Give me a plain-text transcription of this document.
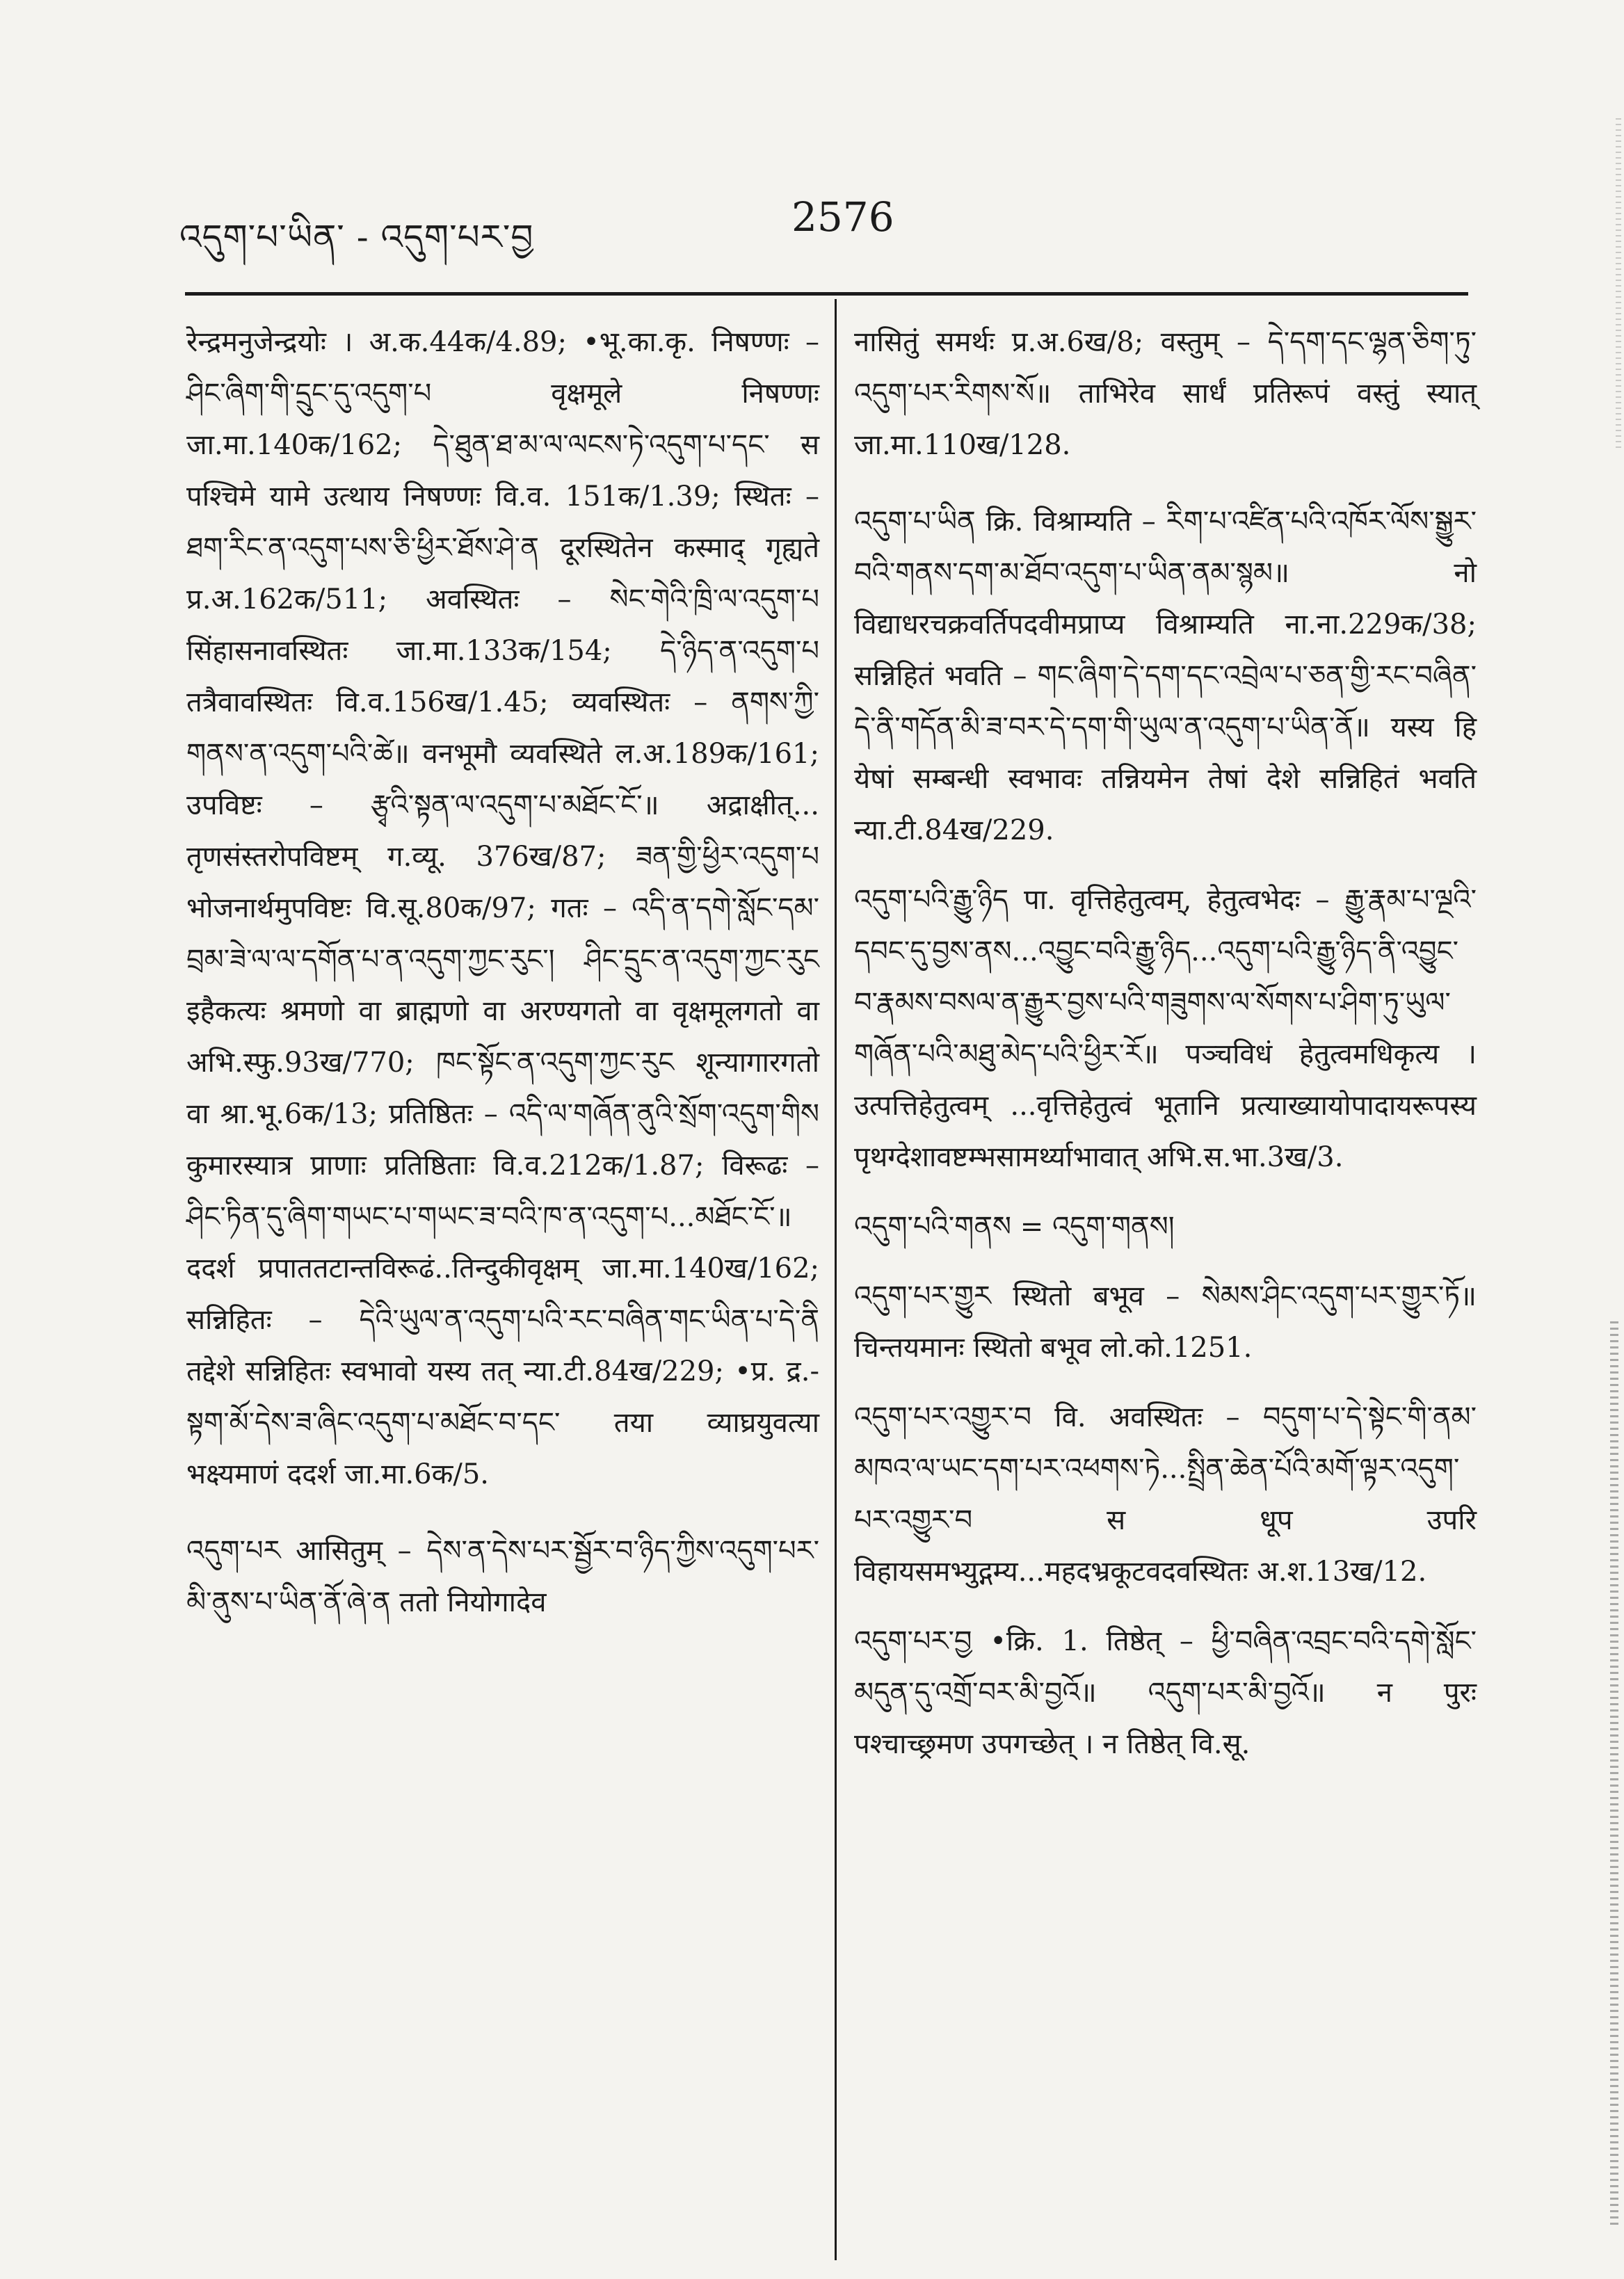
འདུག་པ་ཡིན་ - འདུག་པར་བྱ	2576

रेन्द्रमनुजेन्द्रयोः । अ.क.44क/4.89; •भू.का.कृ. निषण्णः – ཤིང་ཞིག་གི་དྲུང་དུ་འདུག་པ वृक्षमूले निषण्णः जा.मा.140क/162; དེ་ཐུན་ཐ་མ་ལ་ལངས་ཏེ་འདུག་པ་དང་ स पश्चिमे यामे उत्थाय निषण्णः वि.व. 151क/1.39; स्थितः – ཐག་རིང་ན་འདུག་པས་ཅི་ཕྱིར་ཐོས་ཤེ་ན दूरस्थितेन कस्माद् गृह्यते प्र.अ.162क/511; अवस्थितः – སེང་གེའི་ཁྲི་ལ་འདུག་པ सिंहासनावस्थितः जा.मा.133क/154; དེ་ཉིད་ན་འདུག་པ तत्रैवावस्थितः वि.व.156ख/1.45; व्यवस्थितः – ནགས་ཀྱི་གནས་ན་འདུག་པའི་ཚེ॥ वनभूमौ व्यवस्थिते ल.अ.189क/161; उपविष्टः – རྩྭའི་སྟན་ལ་འདུག་པ་མཐོང་ངོ་॥ अद्राक्षीत्... तृणसंस्तरोपविष्टम् ग.व्यू. 376ख/87; ཟན་གྱི་ཕྱིར་འདུག་པ भोजनार्थमुपविष्टः वि.सू.80क/97; गतः – འདི་ན་དགེ་སློང་དམ་བྲམ་ཟེ་ལ་ལ་དགོན་པ་ན་འདུག་ཀྱང་རུང་། ཤིང་དྲུང་ན་འདུག་ཀྱང་རུང इहैकत्यः श्रमणो वा ब्राह्मणो वा अरण्यगतो वा वृक्षमूलगतो वा अभि.स्फु.93ख/770; ཁང་སྟོང་ན་འདུག་ཀྱང་རུང शून्यागारगतो वा श्रा.भू.6क/13; प्रतिष्ठितः – འདི་ལ་གཞོན་ནུའི་སྲོག་འདུག་གིས कुमारस्यात्र प्राणाः प्रतिष्ठिताः वि.व.212क/1.87; विरूढः – ཤིང་ཏིན་དུ་ཞིག་གཡང་པ་གཡང་ཟ་བའི་ཁ་ན་འདུག་པ...མཐོང་ངོ་॥ ददर्श प्रपाततटान्तविरूढं..तिन्दुकीवृक्षम् जा.मा.140ख/162; सन्निहितः – དེའི་ཡུལ་ན་འདུག་པའི་རང་བཞིན་གང་ཡིན་པ་དེ་ནི तद्देशे सन्निहितः स्वभावो यस्य तत् न्या.टी.84ख/229; •प्र. द्र.- སྟག་མོ་དེས་ཟ་ཞིང་འདུག་པ་མཐོང་བ་དང་ तया व्याघ्रयुवत्या भक्ष्यमाणं ददर्श जा.मा.6क/5.

འདུག་པར आसितुम् – དེས་ན་དེས་པར་སྦྱོར་བ་ཉིད་ཀྱིས་འདུག་པར་མི་ནུས་པ་ཡིན་ནོ་ཞེ་ན ततो नियोगादेव

नासितुं समर्थः प्र.अ.6ख/8; वस्तुम् – དེ་དག་དང་ལྷན་ཅིག་ཏུ་འདུག་པར་རིགས་སོ॥ ताभिरेव सार्धं प्रतिरूपं वस्तुं स्यात् जा.मा.110ख/128.

འདུག་པ་ཡིན क्रि. विश्राम्यति – རིག་པ་འཛིན་པའི་འཁོར་ལོས་སྒྱུར་བའི་གནས་དག་མ་ཐོབ་འདུག་པ་ཡིན་ནམ་སྙམ॥ नो विद्याधरचक्रवर्तिपदवीमप्राप्य विश्राम्यति ना.ना.229क/38; सन्निहितं भवति – གང་ཞིག་དེ་དག་དང་འབྲེལ་པ་ཅན་གྱི་རང་བཞིན་དེ་ནི་གདོན་མི་ཟ་བར་དེ་དག་གི་ཡུལ་ན་འདུག་པ་ཡིན་ནོ॥ यस्य हि येषां सम्बन्धी स्वभावः तन्नियमेन तेषां देशे सन्निहितं भवति न्या.टी.84ख/229.

འདུག་པའི་རྒྱུ་ཉིད पा. वृत्तिहेतुत्वम्, हेतुत्वभेदः – རྒྱུ་རྣམ་པ་ལྔའི་དབང་དུ་བྱས་ནས...འབྱུང་བའི་རྒྱུ་ཉིད...འདུག་པའི་རྒྱུ་ཉིད་ནི་འབྱུང་བ་རྣམས་བསལ་ན་རྒྱུར་བྱས་པའི་གཟུགས་ལ་སོགས་པ་ཤིག་ཏུ་ཡུལ་གཞོན་པའི་མཐུ་མེད་པའི་ཕྱིར་རོ॥ पञ्चविधं हेतुत्वमधिकृत्य । उत्पत्तिहेतुत्वम् ...वृत्तिहेतुत्वं भूतानि प्रत्याख्यायोपादायरूपस्य पृथग्देशावष्टम्भसामर्थ्याभावात् अभि.स.भा.3ख/3.

འདུག་པའི་གནས = འདུག་གནས།

འདུག་པར་གྱུར स्थितो बभूव – སེམས་ཤིང་འདུག་པར་གྱུར་ཏོ॥ चिन्तयमानः स्थितो बभूव लो.को.1251.

འདུག་པར་འགྱུར་བ वि. अवस्थितः – བདུག་པ་དེ་སྟེང་གི་ནམ་མཁའ་ལ་ཡང་དག་པར་འཕགས་ཏེ...སྤྲིན་ཆེན་པོའི་མགོ་ལྟར་འདུག་པར་འགྱུར་བ स धूप उपरि विहायसमभ्युद्गम्य...महदभ्रकूटवदवस्थितः अ.श.13ख/12.

འདུག་པར་བྱ •क्रि. 1. तिष्ठेत् – ཕྱི་བཞིན་འབྲང་བའི་དགེ་སློང་མདུན་དུ་འགྲོ་བར་མི་བྱའོ॥ འདུག་པར་མི་བྱའོ॥ न पुरः पश्चाच्छ्रमण उपगच्छेत् । न तिष्ठेत् वि.सू.
